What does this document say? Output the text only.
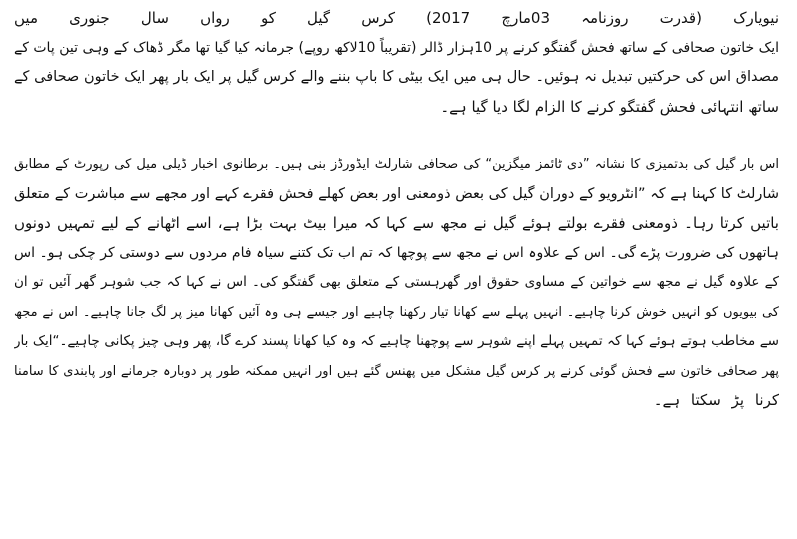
نیویارک (قدرت روزنامہ 03مارچ 2017) کرس گیل کو رواں سال جنوری میں
ایک خاتون صحافی کے ساتھ فحش گفتگو کرنے پر 10ہزار ڈالر (تقریباً 10لاکھ روپے) جرمانہ کیا گیا تھا مگر ڈھاک کے وہی تین پات کے
مصداق اس کی حرکتیں تبدیل نہ ہوئیں۔ حال ہی میں ایک بیٹی کا باپ بننے والے کرس گیل پر ایک بار پھر ایک خاتون صحافی کے
ساتھ انتہائی فحش گفتگو کرنے کا الزام لگا دیا گیا ہے۔
اس بار گیل کی بدتمیزی کا نشانہ ”دی ٹائمز میگزین“ کی صحافی شارلٹ ایڈورڈز بنی ہیں۔ برطانوی اخبار ڈیلی میل کی رپورٹ کے مطابق
شارلٹ کا کہنا ہے کہ ”انٹرویو کے دوران گیل کی بعض ذومعنی اور بعض کھلے فحش فقرے کہے اور مجھے سے مباشرت کے متعلق
باتیں کرتا رہا۔ ذومعنی فقرے بولتے ہوئے گیل نے مجھ سے کہا کہ میرا بیٹ بہت بڑا ہے، اسے اٹھانے کے لیے تمہیں دونوں
ہاتھوں کی ضرورت پڑے گی۔ اس کے علاوہ اس نے مجھ سے پوچھا کہ تم اب تک کتنے سیاہ فام مردوں سے دوستی کر چکی ہو۔ اس
کے علاوہ گیل نے مجھ سے خواتین کے مساوی حقوق اور گھرہستی کے متعلق بھی گفتگو کی۔ اس نے کہا کہ جب شوہر گھر آئیں تو ان
کی بیویوں کو انہیں خوش کرنا چاہیے۔ انہیں پہلے سے کھانا تیار رکھنا چاہیے اور جیسے ہی وہ آئیں کھانا میز پر لگ جانا چاہیے۔ اس نے مجھ
سے مخاطب ہوتے ہوئے کہا کہ تمہیں پہلے اپنے شوہر سے پوچھنا چاہیے کہ وہ کیا کھانا پسند کرے گا، پھر وہی چیز پکانی چاہیے۔“ایک بار
پھر صحافی خاتون سے فحش گوئی کرنے پر کرس گیل مشکل میں پھنس گئے ہیں اور انہیں ممکنہ طور پر دوبارہ جرمانے اور پابندی کا سامنا
کرنا پڑ سکتا ہے۔
